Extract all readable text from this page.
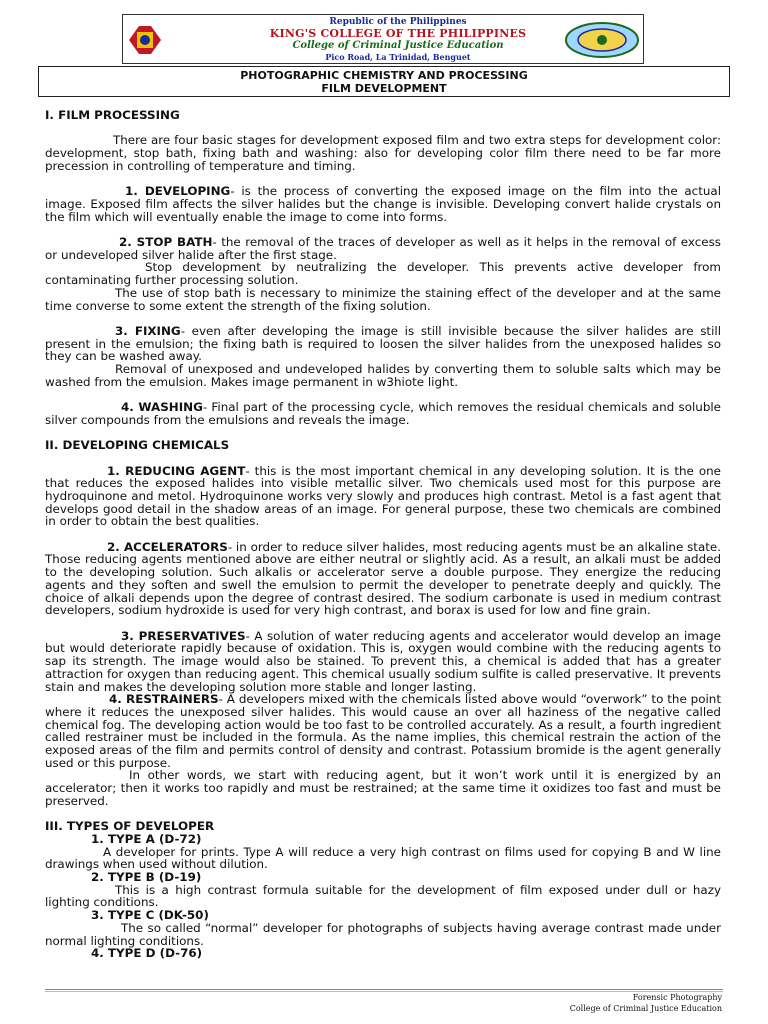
Republic of the Philippines
KING'S COLLEGE OF THE PHILIPPINES
College of Criminal Justice Education
Pico Road, La Trinidad, Benguet
PHOTOGRAPHIC CHEMISTRY AND PROCESSING
FILM DEVELOPMENT

I. FILM PROCESSING

There are four basic stages for development exposed film and two extra steps for development color: development, stop bath, fixing bath and washing: also for developing color film there need to be far more precession in controlling of temperature and timing.

1. DEVELOPING- is the process of converting the exposed image on the film into the actual image. Exposed film affects the silver halides but the change is invisible. Developing convert halide crystals on the film which will eventually enable the image to come into forms.

2. STOP BATH- the removal of the traces of developer as well as it helps in the removal of excess or undeveloped silver halide after the first stage.

Stop development by neutralizing the developer. This prevents active developer from contaminating further processing solution.

The use of stop bath is necessary to minimize the staining effect of the developer and at the same time converse to some extent the strength of the fixing solution.

3. FIXING- even after developing the image is still invisible because the silver halides are still present in the emulsion; the fixing bath is required to loosen the silver halides from the unexposed halides so they can be washed away.

Removal of unexposed and undeveloped halides by converting them to soluble salts which may be washed from the emulsion. Makes image permanent in w3hiote light.

4. WASHING- Final part of the processing cycle, which removes the residual chemicals and soluble silver compounds from the emulsions and reveals the image.

II. DEVELOPING CHEMICALS

1. REDUCING AGENT- this is the most important chemical in any developing solution. It is the one that reduces the exposed halides into visible metallic silver. Two chemicals used most for this purpose are hydroquinone and metol. Hydroquinone works very slowly and produces high contrast. Metol is a fast agent that develops good detail in the shadow areas of an image. For general purpose, these two chemicals are combined in order to obtain the best qualities.

2. ACCELERATORS- in order to reduce silver halides, most reducing agents must be an alkaline state. Those reducing agents mentioned above are either neutral or slightly acid. As a result, an alkali must be added to the developing solution. Such alkalis or accelerator serve a double purpose. They energize the reducing agents and they soften and swell the emulsion to permit the developer to penetrate deeply and quickly. The choice of alkali depends upon the degree of contrast desired. The sodium carbonate is used in medium contrast developers, sodium hydroxide is used for very high contrast, and borax is used for low and fine grain.

3. PRESERVATIVES- A solution of water reducing agents and accelerator would develop an image but would deteriorate rapidly because of oxidation. This is, oxygen would combine with the reducing agents to sap its strength. The image would also be stained. To prevent this, a chemical is added that has a greater attraction for oxygen than reducing agent. This chemical usually sodium sulfite is called preservative. It prevents stain and makes the developing solution more stable and longer lasting.

4. RESTRAINERS- A developers mixed with the chemicals listed above would “overwork” to the point where it reduces the unexposed silver halides. This would cause an over all haziness of the negative called chemical fog. The developing action would be too fast to be controlled accurately. As a result, a fourth ingredient called restrainer must be included in the formula. As the name implies, this chemical restrain the action of the exposed areas of the film and permits control of density and contrast. Potassium bromide is the agent generally used or this purpose.

In other words, we start with reducing agent, but it won’t work until it is energized by an accelerator; then it works too rapidly and must be restrained; at the same time it oxidizes too fast and must be preserved.

III. TYPES OF DEVELOPER

1. TYPE A (D-72)

A developer for prints. Type A will reduce a very high contrast on films used for copying B and W line drawings when used without dilution.

2. TYPE B (D-19)

This is a high contrast formula suitable for the development of film exposed under dull or hazy lighting conditions.

3. TYPE C (DK-50)

The so called “normal” developer for photographs of subjects having average contrast made under normal lighting conditions.

4. TYPE D (D-76)

Forensic Photography
College of Criminal Justice Education
